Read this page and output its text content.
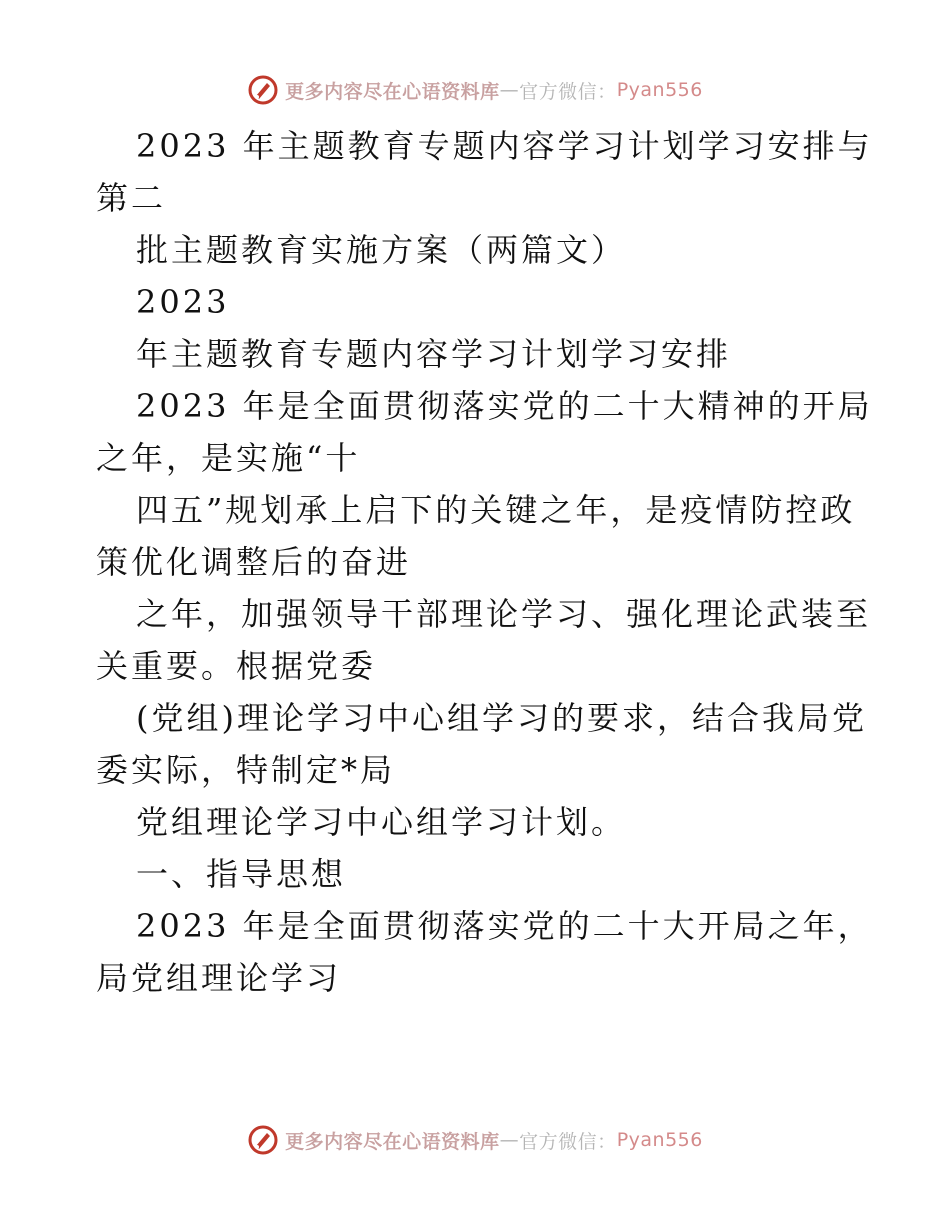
更多内容尽在心语资料库 — 官方微信： Pyan556
2023 年主题教育专题内容学习计划学习安排与
第二
批主题教育实施方案（两篇文）
2023
年主题教育专题内容学习计划学习安排
2023 年是全面贯彻落实党的二十大精神的开局
之年，是实施“十
四五”规划承上启下的关键之年，是疫情防控政
策优化调整后的奋进
之年，加强领导干部理论学习、强化理论武装至
关重要。根据党委
(党组)理论学习中心组学习的要求，结合我局党
委实际，特制定*局
党组理论学习中心组学习计划。
一、指导思想
2023 年是全面贯彻落实党的二十大开局之年，
局党组理论学习
更多内容尽在心语资料库 — 官方微信： Pyan556
